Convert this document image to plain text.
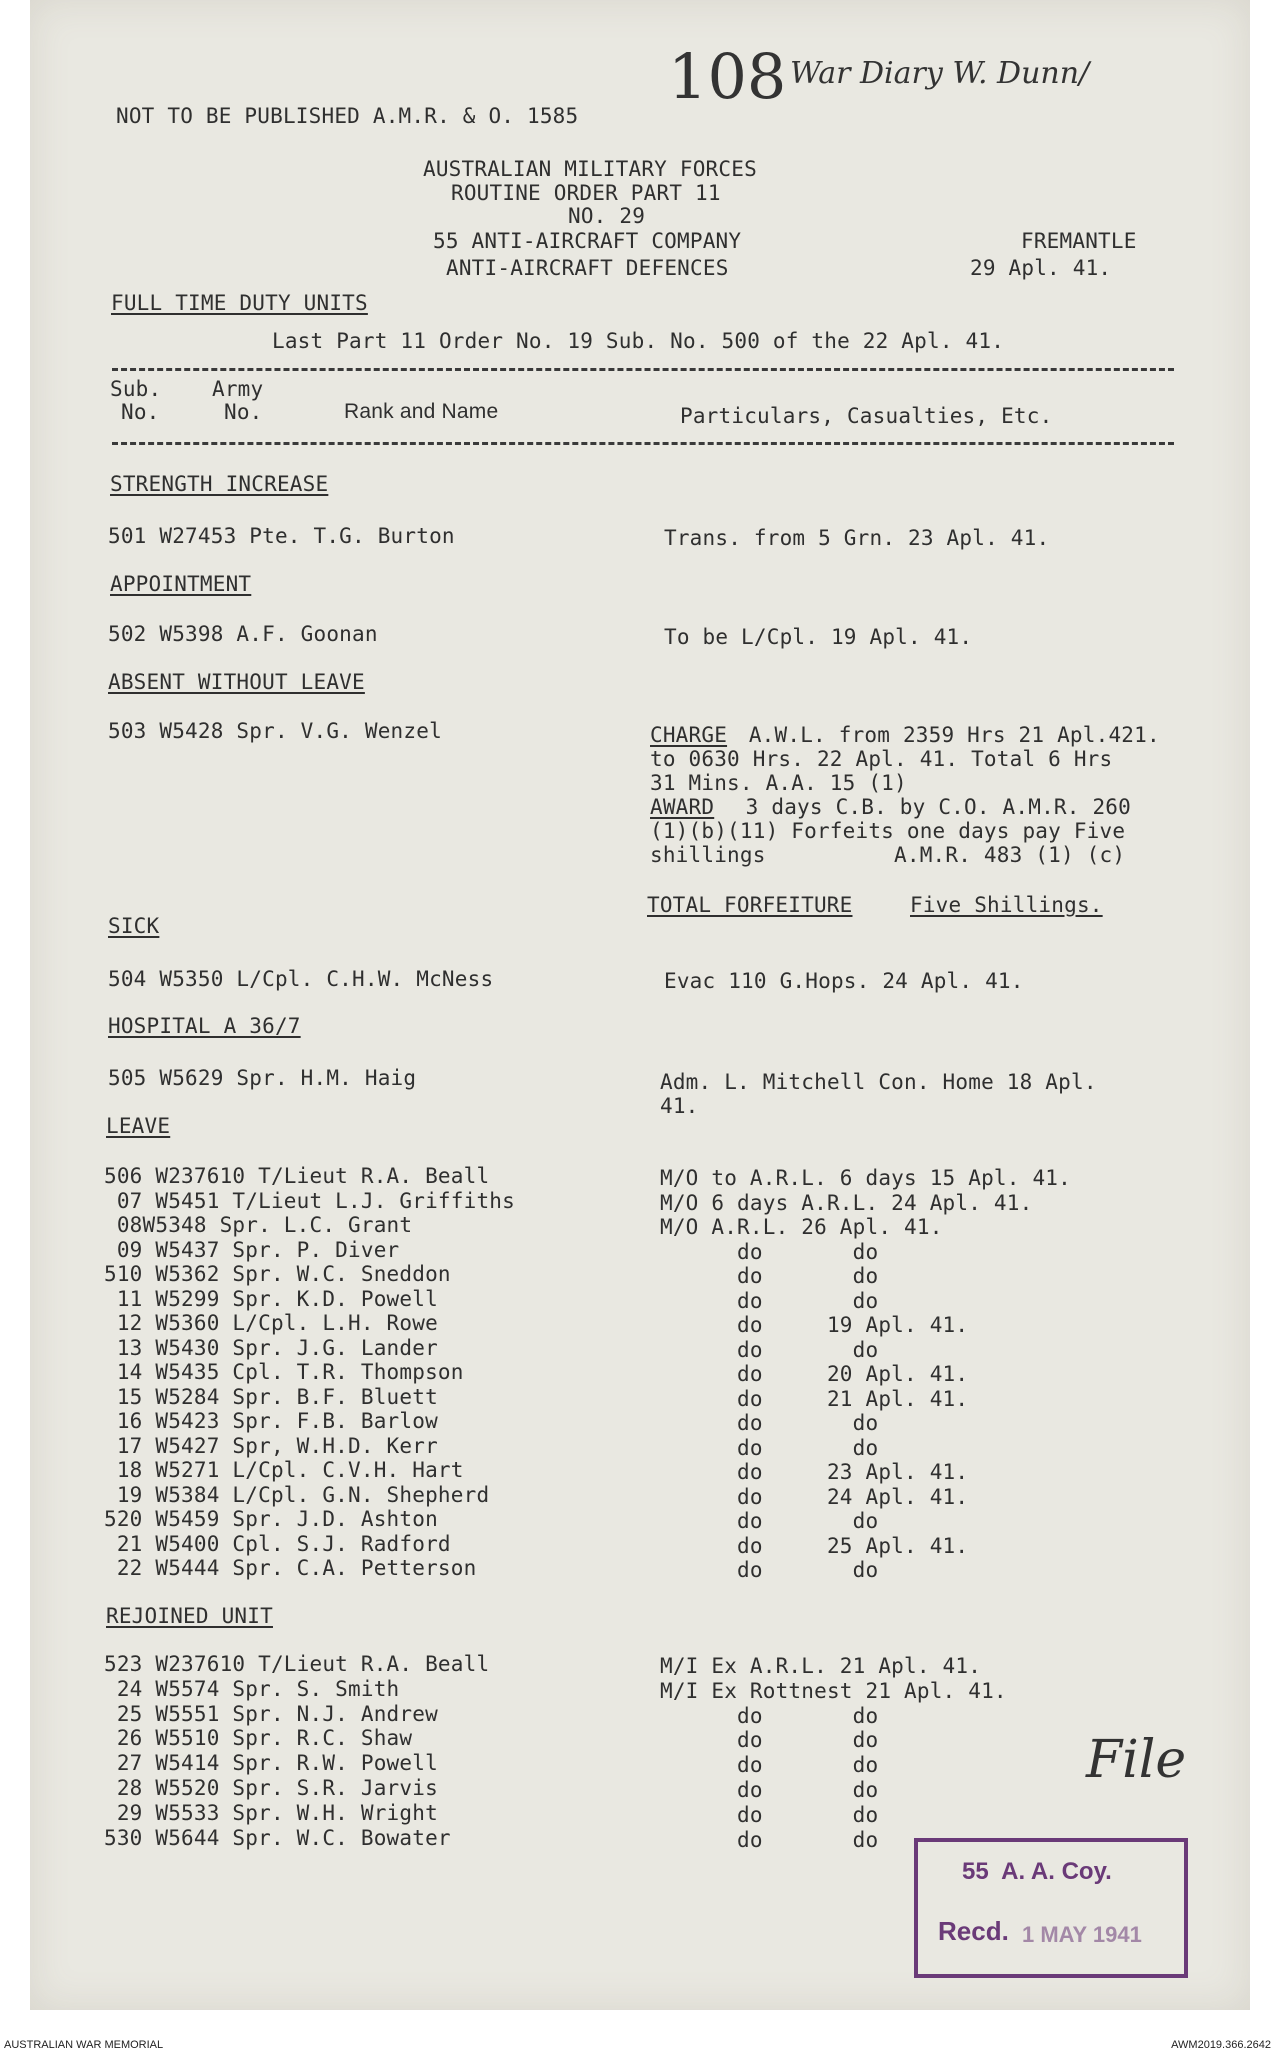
108 War Diary W. Dunn/
NOT TO BE PUBLISHED A.M.R. & O. 1585
AUSTRALIAN MILITARY FORCES
ROUTINE ORDER PART 11
NO. 29
55 ANTI-AIRCRAFT COMPANY
ANTI-AIRCRAFT DEFENCES
FREMANTLE
29 Apl. 41.
FULL TIME DUTY UNITS
Last Part 11 Order No. 19 Sub. No. 500 of the 22 Apl. 41.
Sub.
No.
Army
No.	Rank and Name	Particulars, Casualties, Etc.
STRENGTH INCREASE
501 W27453 Pte. T.G. Burton	Trans. from 5 Grn. 23 Apl. 41.
APPOINTMENT
502 W5398 A.F. Goonan	To be L/Cpl. 19 Apl. 41.
ABSENT WITHOUT LEAVE
503 W5428 Spr. V.G. Wenzel	CHARGE A.W.L. from 2359 Hrs 21 Apl.421.
to 0630 Hrs. 22 Apl. 41. Total 6 Hrs
31 Mins. A.A. 15 (1)
AWARD 3 days C.B. by C.O. A.M.R. 260
(1)(b)(11) Forfeits one days pay Five
shillings          A.M.R. 483 (1) (c)
TOTAL FORFEITURE	Five Shillings.
SICK
504 W5350 L/Cpl. C.H.W. McNess	Evac 110 G.Hops. 24 Apl. 41.
HOSPITAL A 36/7
505 W5629 Spr. H.M. Haig	Adm. L. Mitchell Con. Home 18 Apl.
41.
LEAVE
506 W237610 T/Lieut R.A. Beall	M/O to A.R.L. 6 days 15 Apl. 41.
07 W5451 T/Lieut L.J. Griffiths	M/O 6 days A.R.L. 24 Apl. 41.
08W5348 Spr. L.C. Grant	M/O A.R.L. 26 Apl. 41.
09 W5437 Spr. P. Diver	do       do
510 W5362 Spr. W.C. Sneddon	do       do
11 W5299 Spr. K.D. Powell	do       do
12 W5360 L/Cpl. L.H. Rowe	do     19 Apl. 41.
13 W5430 Spr. J.G. Lander	do       do
14 W5435 Cpl. T.R. Thompson	do     20 Apl. 41.
15 W5284 Spr. B.F. Bluett	do     21 Apl. 41.
16 W5423 Spr. F.B. Barlow	do       do
17 W5427 Spr, W.H.D. Kerr	do       do
18 W5271 L/Cpl. C.V.H. Hart	do     23 Apl. 41.
19 W5384 L/Cpl. G.N. Shepherd	do     24 Apl. 41.
520 W5459 Spr. J.D. Ashton	do       do
21 W5400 Cpl. S.J. Radford	do     25 Apl. 41.
22 W5444 Spr. C.A. Petterson	do       do
REJOINED UNIT
523 W237610 T/Lieut R.A. Beall	M/I Ex A.R.L. 21 Apl. 41.
24 W5574 Spr. S. Smith	M/I Ex Rottnest 21 Apl. 41.
25 W5551 Spr. N.J. Andrew	do       do
26 W5510 Spr. R.C. Shaw	do       do
27 W5414 Spr. R.W. Powell	do       do
28 W5520 Spr. S.R. Jarvis	do       do
29 W5533 Spr. W.H. Wright	do       do
530 W5644 Spr. W.C. Bowater	do       do
File
55  A. A. Coy.
Recd. 1 MAY 1941
AUSTRALIAN WAR MEMORIAL	AWM2019.366.2642
